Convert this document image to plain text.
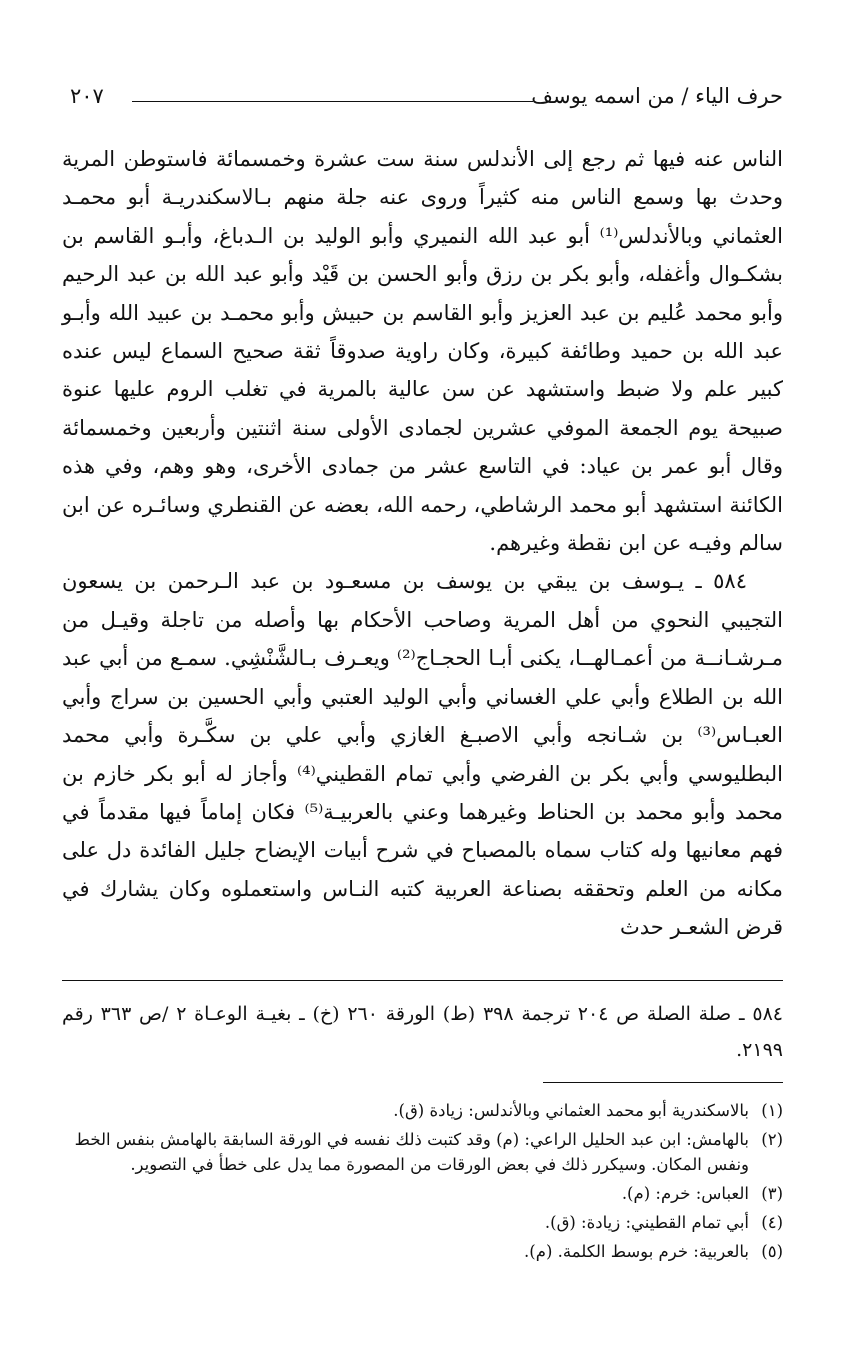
حرف الياء / من اسمه يوسف
٢٠٧

الناس عنه فيها ثم رجع إلى الأندلس سنة ست عشرة وخمسمائة فاستوطن المرية وحدث بها وسمع الناس منه كثيراً وروى عنه جلة منهم بـالاسكندريـة أبو محمـد العثماني وبالأندلس⁽¹⁾ أبو عبد الله النميري وأبو الوليد بن الـدباغ، وأبـو القاسم بن بشكـوال وأغفله، وأبو بكر بن رزق وأبو الحسن بن قَيْد وأبو عبد الله بن عبد الرحيم وأبو محمد عُليم بن عبد العزيز وأبو القاسم بن حبيش وأبو محمـد بن عبيد الله وأبـو عبد الله بن حميد وطائفة كبيرة، وكان راوية صدوقاً ثقة صحيح السماع ليس عنده كبير علم ولا ضبط واستشهد عن سن عالية بالمرية في تغلب الروم عليها عنوة صبيحة يوم الجمعة الموفي عشرين لجمادى الأولى سنة اثنتين وأربعين وخمسمائة وقال أبو عمر بن عياد: في التاسع عشر من جمادى الأخرى، وهو وهم، وفي هذه الكائنة استشهد أبو محمد الرشاطي، رحمه الله، بعضه عن القنطري وسائـره عن ابن سالم وفيـه عن ابن نقطة وغيرهم.

٥٨٤ ـ يـوسف بن يبقي بن يوسف بن مسعـود بن عبد الـرحمن بن يسعون التجيبي النحوي من أهل المرية وصاحب الأحكام بها وأصله من تاجلة وقيـل من مـرشـانــة من أعمـالهــا، يكنى أبـا الحجـاج⁽²⁾ ويعـرف بـالشَّنْشِي. سمـع من أبي عبد الله بن الطلاع وأبي علي الغساني وأبي الوليد العتبي وأبي الحسين بن سراج وأبي العبـاس⁽³⁾ بن شـانجه وأبي الاصبـغ الغازي وأبي علي بن سكَّـرة وأبي محمد البطليوسي وأبي بكر بن الفرضي وأبي تمام القطيني⁽⁴⁾ وأجاز له أبو بكر خازم بن محمد وأبو محمد بن الحناط وغيرهما وعني بالعربيـة⁽⁵⁾ فكان إماماً فيها مقدماً في فهم معانيها وله كتاب سماه بالمصباح في شرح أبيات الإيضاح جليل الفائدة دل على مكانه من العلم وتحققه بصناعة العربية كتبه النـاس واستعملوه وكان يشارك في قرض الشعـر حدث

٥٨٤ ـ صلة الصلة ص ٢٠٤ ترجمة ٣٩٨ (ط) الورقة ٢٦٠ (خ) ـ بغيـة الوعـاة ٢ /ص ٣٦٣ رقم ٢١٩٩.
(١)
بالاسكندرية أبو محمد العثماني وبالأندلس: زيادة (ق).
(٢)
بالهامش: ابن عبد الحليل الراعي: (م) وقد كتبت ذلك نفسه في الورقة السابقة بالهامش بنفس الخط ونفس المكان. وسيكرر ذلك في بعض الورقات من المصورة مما يدل على خطأ في التصوير.
(٣)
العباس: خرم: (م).
(٤)
أبي تمام القطيني: زيادة: (ق).
(٥)
بالعربية: خرم بوسط الكلمة. (م).
